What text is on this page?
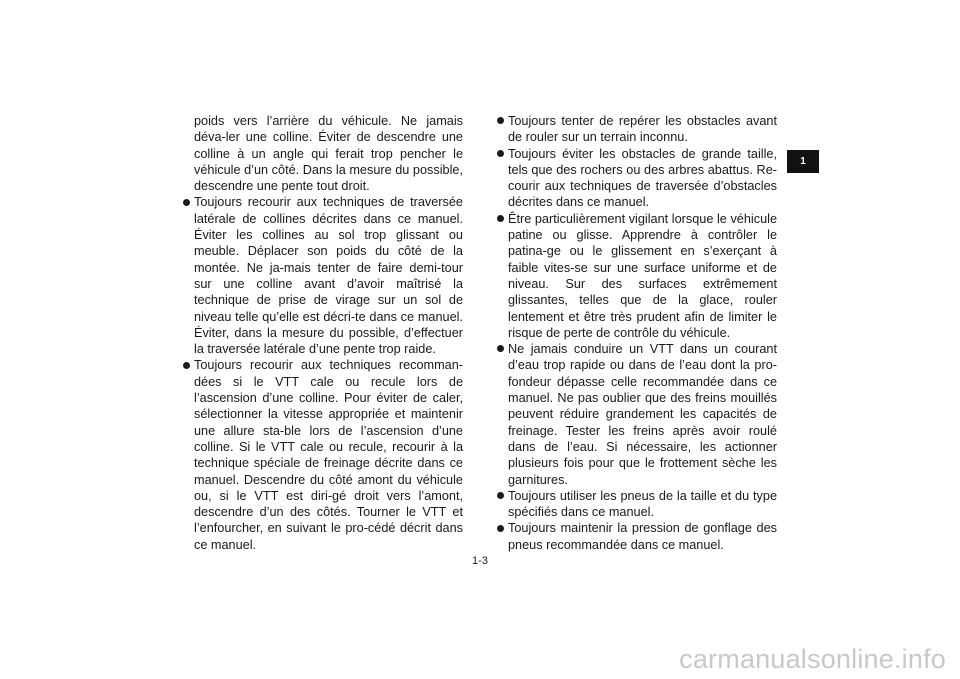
poids vers l’arrière du véhicule. Ne jamais déva-ler une colline. Éviter de descendre une colline à un angle qui ferait trop pencher le véhicule d’un côté. Dans la mesure du possible, descendre une pente tout droit.

Toujours recourir aux techniques de traversée latérale de collines décrites dans ce manuel. Éviter les collines au sol trop glissant ou meuble. Déplacer son poids du côté de la montée. Ne ja-mais tenter de faire demi-tour sur une colline avant d’avoir maîtrisé la technique de prise de virage sur un sol de niveau telle qu’elle est décri-te dans ce manuel. Éviter, dans la mesure du possible, d’effectuer la traversée latérale d’une pente trop raide.
Toujours recourir aux techniques recomman-dées si le VTT cale ou recule lors de l’ascension d’une colline. Pour éviter de caler, sélectionner la vitesse appropriée et maintenir une allure sta-ble lors de l’ascension d’une colline. Si le VTT cale ou recule, recourir à la technique spéciale de freinage décrite dans ce manuel. Descendre du côté amont du véhicule ou, si le VTT est diri-gé droit vers l’amont, descendre d’un des côtés. Tourner le VTT et l’enfourcher, en suivant le pro-cédé décrit dans ce manuel.
Toujours tenter de repérer les obstacles avant de rouler sur un terrain inconnu.
Toujours éviter les obstacles de grande taille, tels que des rochers ou des arbres abattus. Re-courir aux techniques de traversée d’obstacles décrites dans ce manuel.
Être particulièrement vigilant lorsque le véhicule patine ou glisse. Apprendre à contrôler le patina-ge ou le glissement en s’exerçant à faible vites-se sur une surface uniforme et de niveau. Sur des surfaces extrêmement glissantes, telles que de la glace, rouler lentement et être très prudent afin de limiter le risque de perte de contrôle du véhicule.
Ne jamais conduire un VTT dans un courant d’eau trop rapide ou dans de l’eau dont la pro-fondeur dépasse celle recommandée dans ce manuel. Ne pas oublier que des freins mouillés peuvent réduire grandement les capacités de freinage. Tester les freins après avoir roulé dans de l’eau. Si nécessaire, les actionner plusieurs fois pour que le frottement sèche les garnitures.
Toujours utiliser les pneus de la taille et du type spécifiés dans ce manuel.
Toujours maintenir la pression de gonflage des pneus recommandée dans ce manuel.
1
1-3
carmanualsonline.info
